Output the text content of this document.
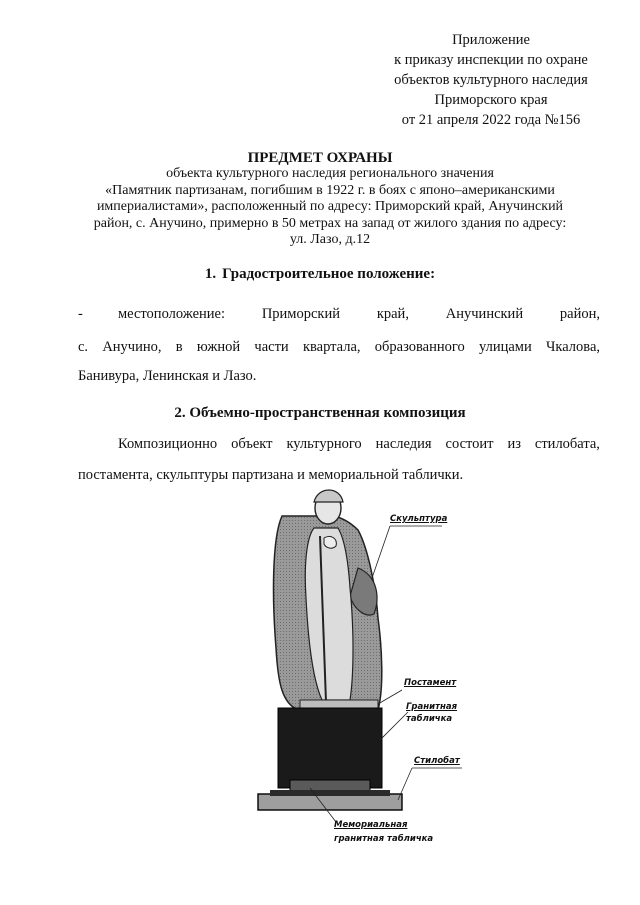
Приложение
к приказу инспекции по охране
объектов культурного наследия
Приморского края
от 21 апреля 2022 года №156
ПРЕДМЕТ ОХРАНЫ
объекта культурного наследия регионального значения
«Памятник партизанам, погибшим в 1922 г. в боях с японо–американскими
империалистами», расположенный по адресу: Приморский край, Анучинский
район, с. Анучино, примерно в 50 метрах на запад от жилого здания по адресу:
ул. Лазо, д.12
1. Градостроительное положение:
- местоположение:	Приморский	край,	Анучинский	район,
с. Анучино, в южной части квартала, образованного улицами Чкалова,
Банивура, Ленинская и Лазо.
2. Объемно-пространственная композиция
Композиционно объект культурного наследия состоит из стилобата,
постамента, скульптуры партизана и мемориальной таблички.
Скульптура
Постамент
Гранитная
табличка
Стилобат
Мемориальная
гранитная табличка
